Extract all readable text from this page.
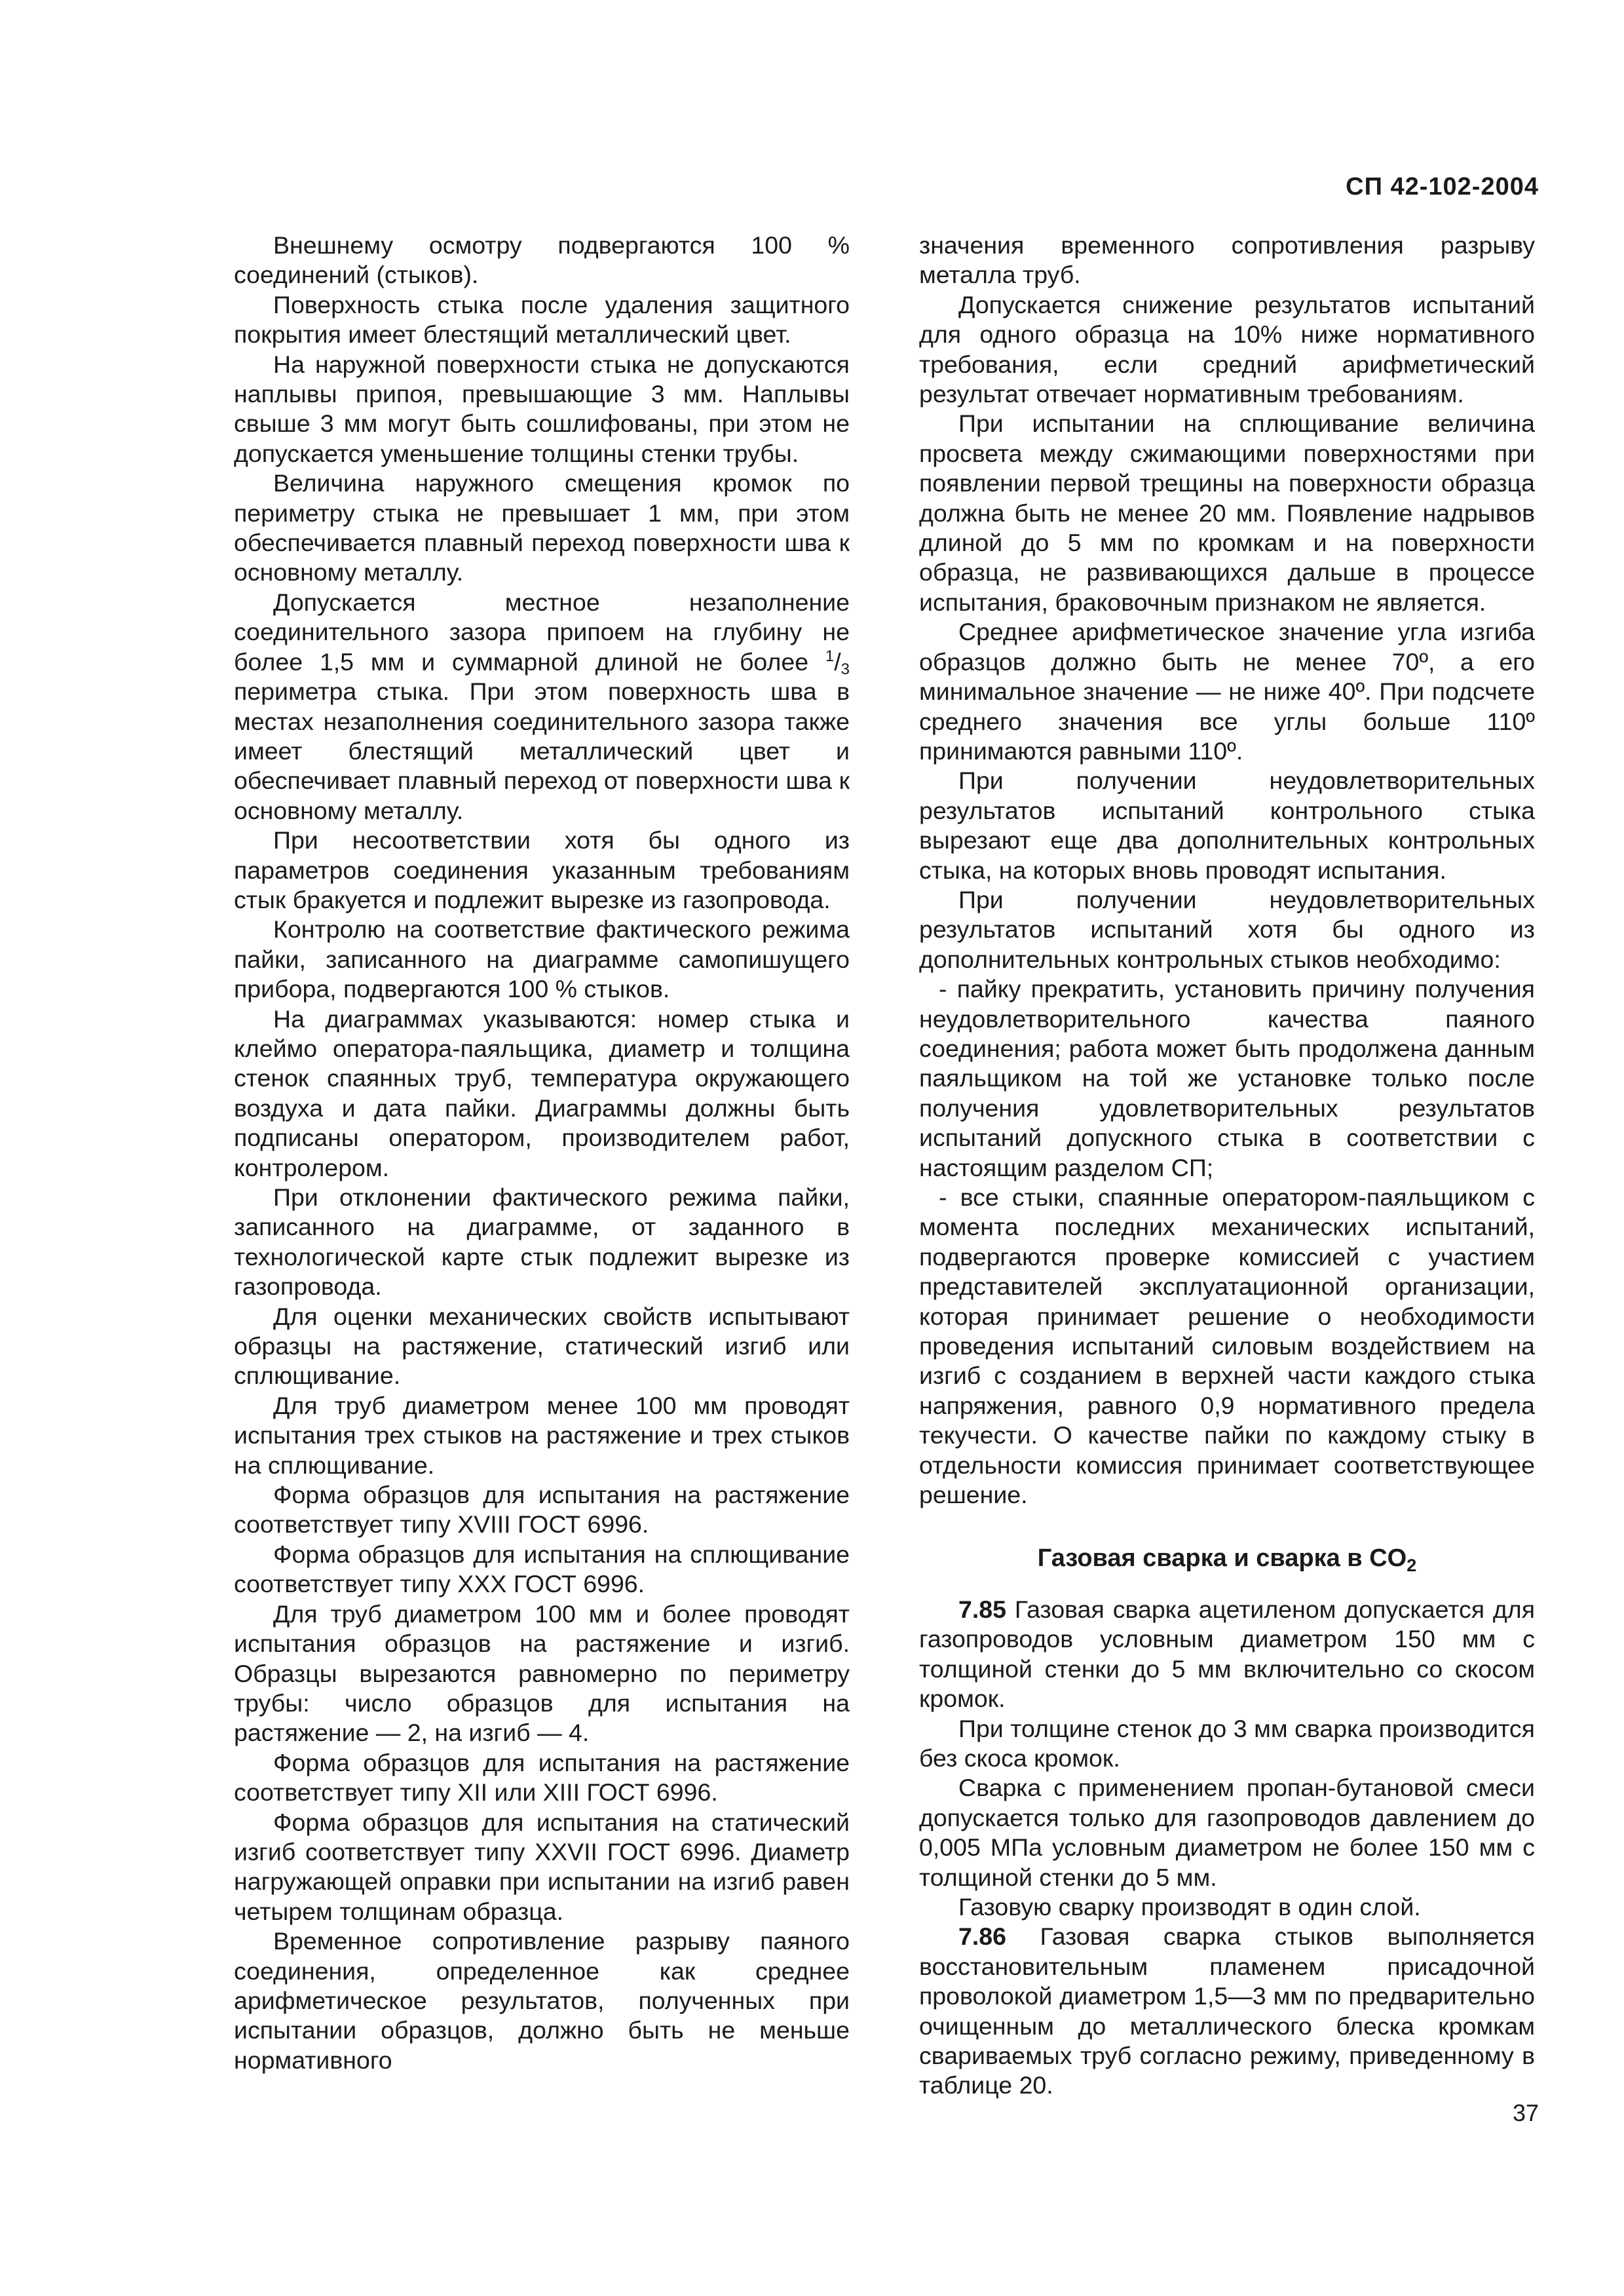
СП 42-102-2004

Внешнему осмотру подвергаются 100 % соединений (стыков).

Поверхность стыка после удаления защитного покрытия имеет блестящий металлический цвет.

На наружной поверхности стыка не допускаются наплывы припоя, превышающие 3 мм. Наплывы свыше 3 мм могут быть сошлифованы, при этом не допускается уменьшение толщины стенки трубы.

Величина наружного смещения кромок по периметру стыка не превышает 1 мм, при этом обеспечивается плавный переход поверхности шва к основному металлу.

Допускается местное незаполнение соединительного зазора припоем на глубину не более 1,5 мм и суммарной длиной не более $^1/_3$ периметра стыка. При этом поверхность шва в местах незаполнения соединительного зазора также имеет блестящий металлический цвет и обеспечивает плавный переход от поверхности шва к основному металлу.

При несоответствии хотя бы одного из параметров соединения указанным требованиям стык бракуется и подлежит вырезке из газопровода.

Контролю на соответствие фактического режима пайки, записанного на диаграмме самопишущего прибора, подвергаются 100 % стыков.

На диаграммах указываются: номер стыка и клеймо оператора-паяльщика, диаметр и толщина стенок спаянных труб, температура окружающего воздуха и дата пайки. Диаграммы должны быть подписаны оператором, производителем работ, контролером.

При отклонении фактического режима пайки, записанного на диаграмме, от заданного в технологической карте стык подлежит вырезке из газопровода.

Для оценки механических свойств испытывают образцы на растяжение, статический изгиб или сплющивание.

Для труб диаметром менее 100 мм проводят испытания трех стыков на растяжение и трех стыков на сплющивание.

Форма образцов для испытания на растяжение соответствует типу XVIII ГОСТ 6996.

Форма образцов для испытания на сплющивание соответствует типу XXX ГОСТ 6996.

Для труб диаметром 100 мм и более проводят испытания образцов на растяжение и изгиб. Образцы вырезаются равномерно по периметру трубы: число образцов для испытания на растяжение — 2, на изгиб — 4.

Форма образцов для испытания на растяжение соответствует типу XII или XIII ГОСТ 6996.

Форма образцов для испытания на статический изгиб соответствует типу XXVII ГОСТ 6996. Диаметр нагружающей оправки при испытании на изгиб равен четырем толщинам образца.

Временное сопротивление разрыву паяного соединения, определенное как среднее арифметическое результатов, полученных при испытании образцов, должно быть не меньше нормативного

значения временного сопротивления разрыву металла труб.

Допускается снижение результатов испытаний для одного образца на 10% ниже нормативного требования, если средний арифметический результат отвечает нормативным требованиям.

При испытании на сплющивание величина просвета между сжимающими поверхностями при появлении первой трещины на поверхности образца должна быть не менее 20 мм. Появление надрывов длиной до 5 мм по кромкам и на поверхности образца, не развивающихся дальше в процессе испытания, браковочным признаком не является.

Среднее арифметическое значение угла изгиба образцов должно быть не менее 70º, а его минимальное значение — не ниже 40º. При подсчете среднего значения все углы больше 110º принимаются равными 110º.

При получении неудовлетворительных результатов испытаний контрольного стыка вырезают еще два дополнительных контрольных стыка, на которых вновь проводят испытания.

При получении неудовлетворительных результатов испытаний хотя бы одного из дополнительных контрольных стыков необходимо:

- пайку прекратить, установить причину получения неудовлетворительного качества паяного соединения; работа может быть продолжена данным паяльщиком на той же установке только после получения удовлетворительных результатов испытаний допускного стыка в соответствии с настоящим разделом СП;

- все стыки, спаянные оператором-паяльщиком с момента последних механических испытаний, подвергаются проверке комиссией с участием представителей эксплуатационной организации, которая принимает решение о необходимости проведения испытаний силовым воздействием на изгиб с созданием в верхней части каждого стыка напряжения, равного 0,9 нормативного предела текучести. О качестве пайки по каждому стыку в отдельности комиссия принимает соответствующее решение.

Газовая сварка и сварка в $CO_2$

7.85 Газовая сварка ацетиленом допускается для газопроводов условным диаметром 150 мм с толщиной стенки до 5 мм включительно со скосом кромок.

При толщине стенок до 3 мм сварка производится без скоса кромок.

Сварка с применением пропан-бутановой смеси допускается только для газопроводов давлением до 0,005 МПа условным диаметром не более 150 мм с толщиной стенки до 5 мм.

Газовую сварку производят в один слой.

7.86 Газовая сварка стыков выполняется восстановительным пламенем присадочной проволокой диаметром 1,5—3 мм по предварительно очищенным до металлического блеска кромкам свариваемых труб согласно режиму, приведенному в таблице 20.

37
